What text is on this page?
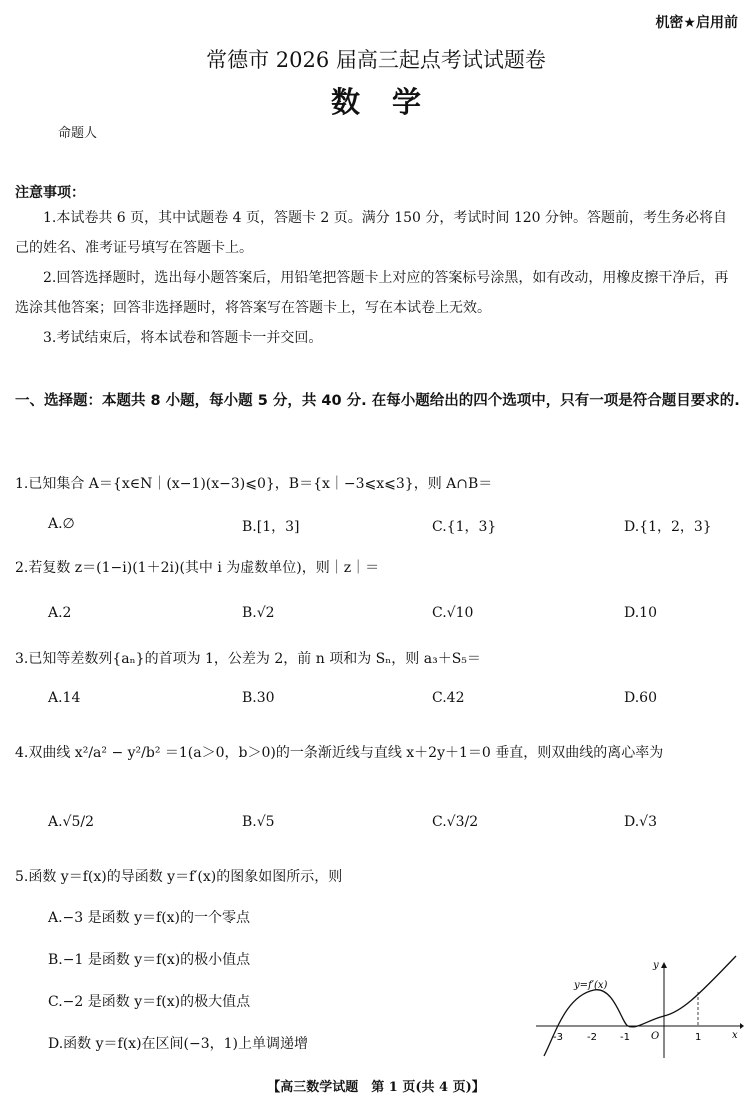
机密★启用前
常德市 2026 届高三起点考试试题卷
数学
命题人
注意事项：
1.本试卷共 6 页，其中试题卷 4 页，答题卡 2 页。满分 150 分，考试时间 120 分钟。答题前，考生务必将自己的姓名、准考证号填写在答题卡上。
2.回答选择题时，选出每小题答案后，用铅笔把答题卡上对应的答案标号涂黑，如有改动，用橡皮擦干净后，再选涂其他答案；回答非选择题时，将答案写在答题卡上，写在本试卷上无效。
3.考试结束后，将本试卷和答题卡一并交回。
一、选择题：本题共 8 小题，每小题 5 分，共 40 分. 在每小题给出的四个选项中，只有一项是符合题目要求的.
1.已知集合 A＝{x∈N｜(x−1)(x−3)⩽0}，B＝{x｜−3⩽x⩽3}，则 A∩B＝
A.∅	B.[1，3]	C.{1，3}	D.{1，2，3}
2.若复数 z＝(1−i)(1＋2i)(其中 i 为虚数单位)，则｜z｜＝
A.2	B.√2	C.√10	D.10
3.已知等差数列{aₙ}的首项为 1，公差为 2，前 n 项和为 Sₙ，则 a₃＋S₅＝
A.14	B.30	C.42	D.60
4.双曲线 x²/a² − y²/b² ＝1(a＞0，b＞0)的一条渐近线与直线 x＋2y＋1＝0 垂直，则双曲线的离心率为
A.√5/2	B.√5	C.√3/2	D.√3
5.函数 y＝f(x)的导函数 y＝f′(x)的图象如图所示，则
A.−3 是函数 y＝f(x)的一个零点
B.−1 是函数 y＝f(x)的极小值点
C.−2 是函数 y＝f(x)的极大值点
D.函数 y＝f(x)在区间(−3，1)上单调递增
y=f′(x)
y
x
O
-3 -2 -1	1
【高三数学试题　第 1 页(共 4 页)】
